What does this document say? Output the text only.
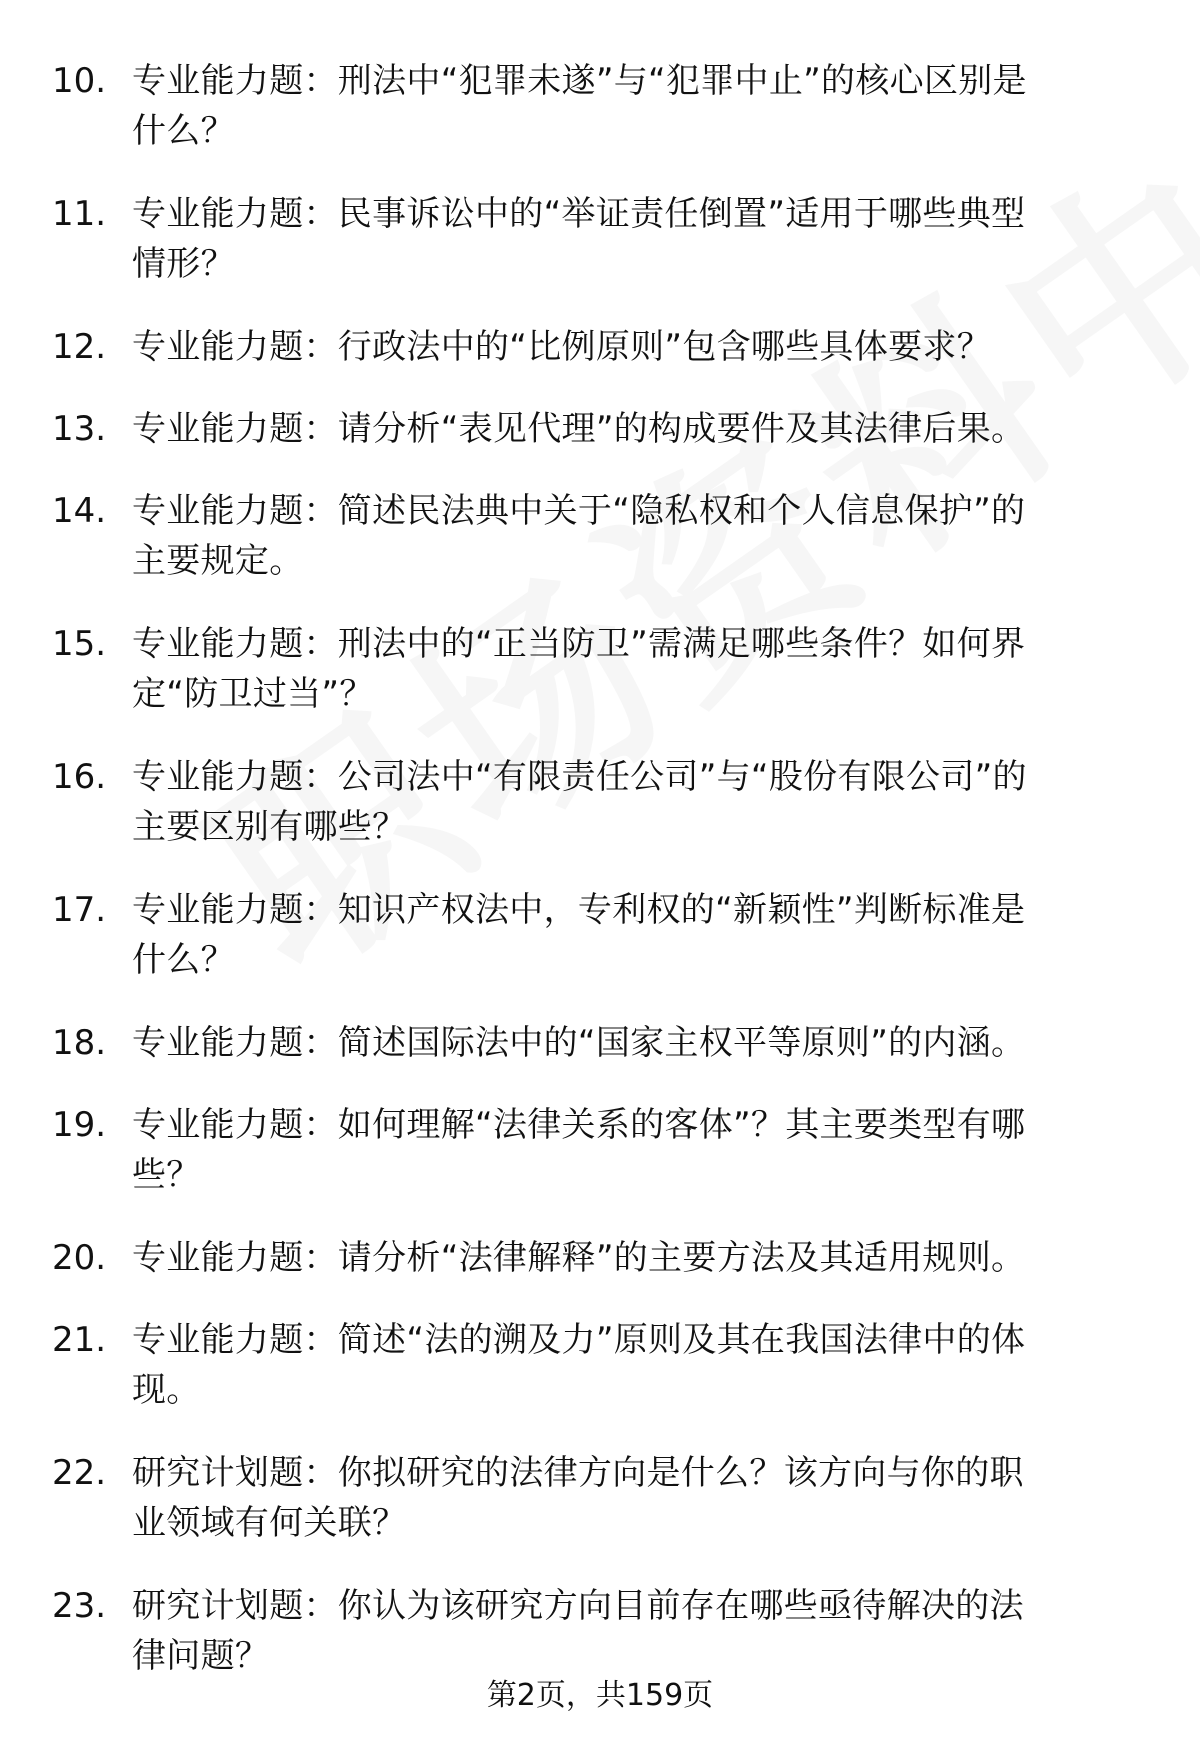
10. 专业能力题：刑法中“犯罪未遂”与“犯罪中止”的核心区别是什么？
11. 专业能力题：民事诉讼中的“举证责任倒置”适用于哪些典型情形？
12. 专业能力题：行政法中的“比例原则”包含哪些具体要求？
13. 专业能力题：请分析“表见代理”的构成要件及其法律后果。
14. 专业能力题：简述民法典中关于“隐私权和个人信息保护”的主要规定。
15. 专业能力题：刑法中的“正当防卫”需满足哪些条件？如何界定“防卫过当”？
16. 专业能力题：公司法中“有限责任公司”与“股份有限公司”的主要区别有哪些？
17. 专业能力题：知识产权法中，专利权的“新颖性”判断标准是什么？
18. 专业能力题：简述国际法中的“国家主权平等原则”的内涵。
19. 专业能力题：如何理解“法律关系的客体”？其主要类型有哪些？
20. 专业能力题：请分析“法律解释”的主要方法及其适用规则。
21. 专业能力题：简述“法的溯及力”原则及其在我国法律中的体现。
22. 研究计划题：你拟研究的法律方向是什么？该方向与你的职业领域有何关联？
23. 研究计划题：你认为该研究方向目前存在哪些亟待解决的法律问题？
第2页，共159页
